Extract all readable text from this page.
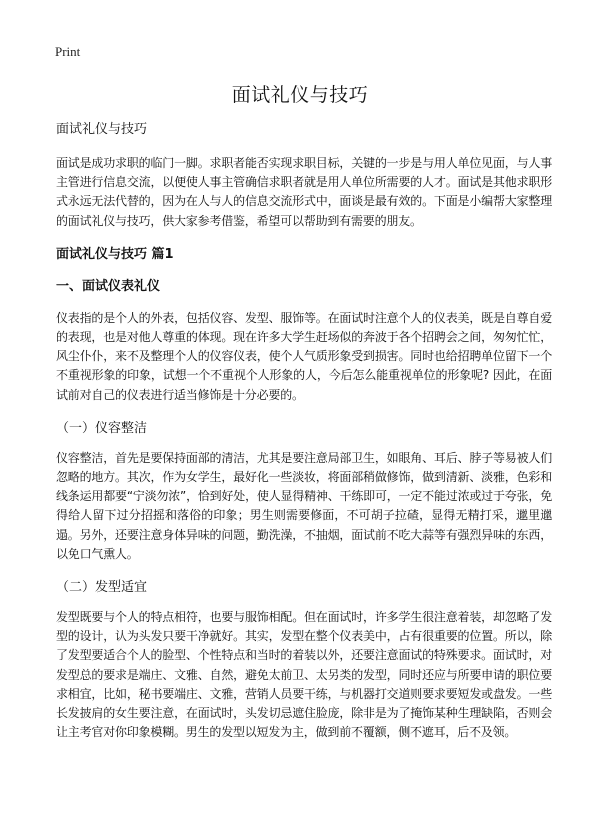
Print
面试礼仪与技巧
面试礼仪与技巧

面试是成功求职的临门一脚。求职者能否实现求职目标，关键的一步是与用人单位见面，与人事主管进行信息交流，以便使人事主管确信求职者就是用人单位所需要的人才。面试是其他求职形式永远无法代替的，因为在人与人的信息交流形式中，面谈是最有效的。下面是小编帮大家整理的面试礼仪与技巧，供大家参考借鉴，希望可以帮助到有需要的朋友。

面试礼仪与技巧 篇1
一、面试仪表礼仪

仪表指的是个人的外表，包括仪容、发型、服饰等。在面试时注意个人的仪表美，既是自尊自爱的表现，也是对他人尊重的体现。现在许多大学生赶场似的奔波于各个招聘会之间，匆匆忙忙，风尘仆仆，来不及整理个人的仪容仪表，使个人气质形象受到损害。同时也给招聘单位留下一个不重视形象的印象，试想一个不重视个人形象的人，今后怎么能重视单位的形象呢? 因此，在面试前对自己的仪表进行适当修饰是十分必要的。

（一）仪容整洁

仪容整洁，首先是要保持面部的清洁，尤其是要注意局部卫生，如眼角、耳后、脖子等易被人们忽略的地方。其次，作为女学生，最好化一些淡妆，将面部稍做修饰，做到清新、淡雅，色彩和线条运用都要“宁淡勿浓”，恰到好处，使人显得精神、干练即可，一定不能过浓或过于夸张，免得给人留下过分招摇和落俗的印象；男生则需要修面，不可胡子拉碴，显得无精打采，邋里邋遢。另外，还要注意身体异味的问题，勤洗澡，不抽烟，面试前不吃大蒜等有强烈异味的东西，以免口气熏人。

（二）发型适宜

发型既要与个人的特点相符，也要与服饰相配。但在面试时，许多学生很注意着装，却忽略了发型的设计，认为头发只要干净就好。其实，发型在整个仪表美中，占有很重要的位置。所以，除了发型要适合个人的脸型、个性特点和当时的着装以外，还要注意面试的特殊要求。面试时，对发型总的要求是端庄、文雅、自然，避免太前卫、太另类的发型，同时还应与所要申请的职位要求相宜，比如，秘书要端庄、文雅，营销人员要干练，与机器打交道则要求要短发或盘发。一些长发披肩的女生要注意，在面试时，头发切忌遮住脸庞，除非是为了掩饰某种生理缺陷，否则会让主考官对你印象模糊。男生的发型以短发为主，做到前不覆额，侧不遮耳，后不及领。
